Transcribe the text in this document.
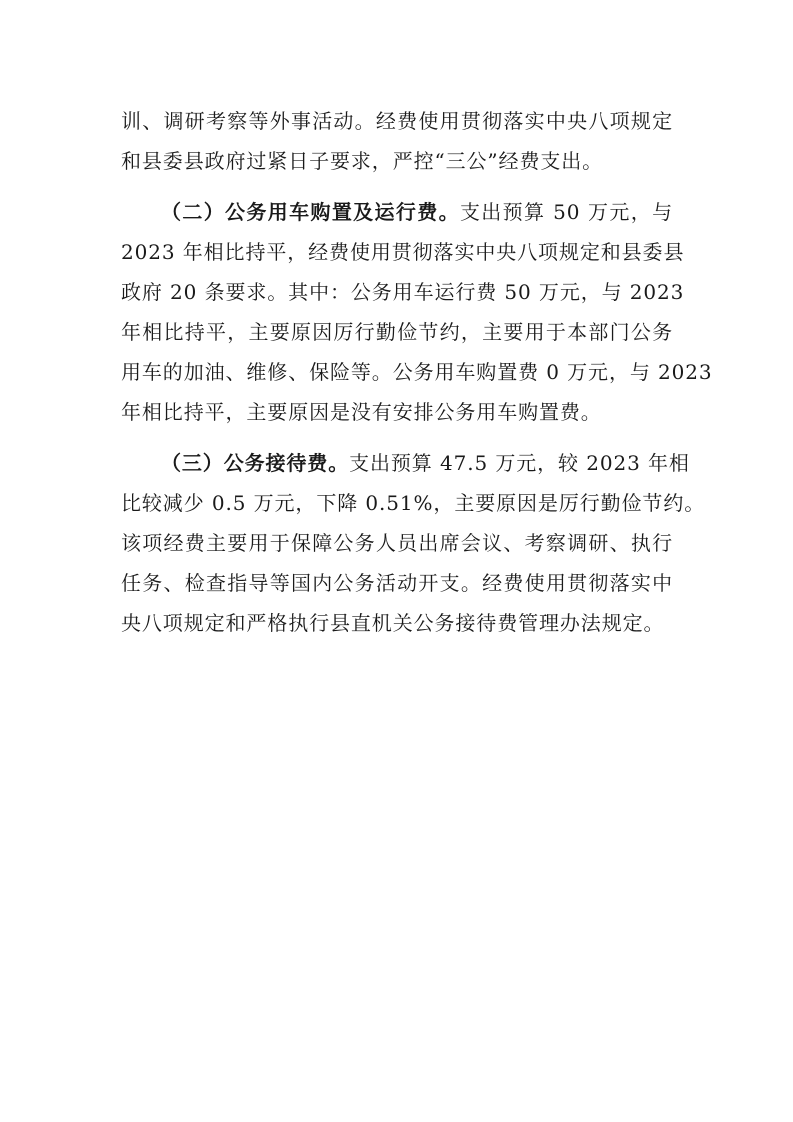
训、调研考察等外事活动。经费使用贯彻落实中央八项规定
和县委县政府过紧日子要求，严控“三公”经费支出。
（二）公务用车购置及运行费。支出预算 50 万元，与
2023 年相比持平，经费使用贯彻落实中央八项规定和县委县
政府 20 条要求。其中：公务用车运行费 50 万元，与 2023
年相比持平，主要原因厉行勤俭节约，主要用于本部门公务
用车的加油、维修、保险等。公务用车购置费 0 万元，与 2023
年相比持平，主要原因是没有安排公务用车购置费。
（三）公务接待费。支出预算 47.5 万元，较 2023 年相
比较减少 0.5 万元，下降 0.51%，主要原因是厉行勤俭节约。
该项经费主要用于保障公务人员出席会议、考察调研、执行
任务、检查指导等国内公务活动开支。经费使用贯彻落实中
央八项规定和严格执行县直机关公务接待费管理办法规定。
